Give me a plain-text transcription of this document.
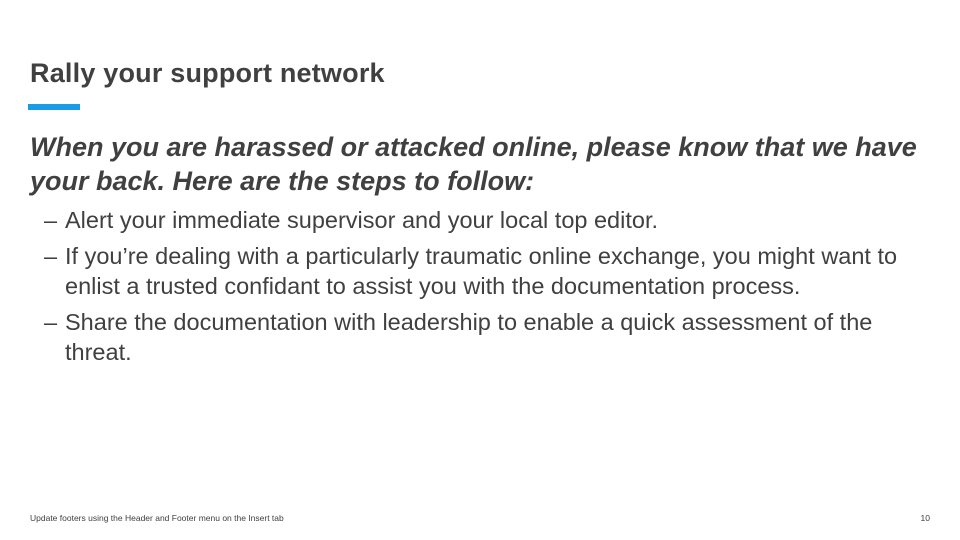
Rally your support network

When you are harassed or attacked online, please know that we have your back. Here are the steps to follow:

– Alert your immediate supervisor and your local top editor.
– If you’re dealing with a particularly traumatic online exchange, you might want to enlist a trusted confidant to assist you with the documentation process.
– Share the documentation with leadership to enable a quick assessment of the threat.
Update footers using the Header and Footer menu on the Insert tab	10
